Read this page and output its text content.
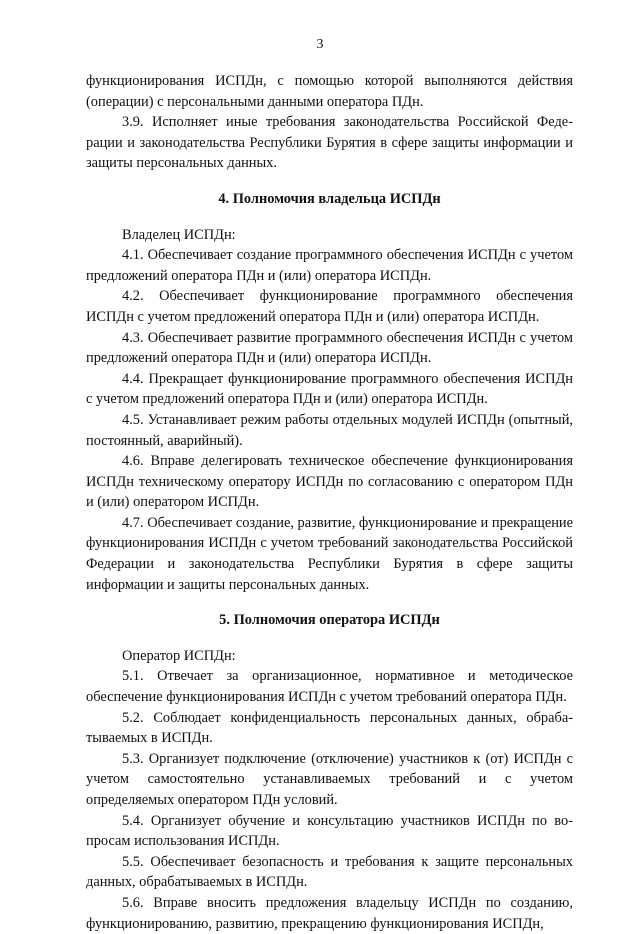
3

функционирования ИСПДн, с помощью которой выполняются действия (операции) с персональными данными оператора ПДн.

3.9. Исполняет иные требования законодательства Российской Федерации и законодательства Республики Бурятия в сфере защиты информации и защиты персональных данных.

4. Полномочия владельца ИСПДн

Владелец ИСПДн:

4.1. Обеспечивает создание программного обеспечения ИСПДн с учетом предложений оператора ПДн и (или) оператора ИСПДн.

4.2. Обеспечивает функционирование программного обеспечения ИСПДн с учетом предложений оператора ПДн и (или) оператора ИСПДн.

4.3. Обеспечивает развитие программного обеспечения ИСПДн с учетом предложений оператора ПДн и (или) оператора ИСПДн.

4.4. Прекращает функционирование программного обеспечения ИСПДн с учетом предложений оператора ПДн и (или) оператора ИСПДн.

4.5. Устанавливает режим работы отдельных модулей ИСПДн (опытный, постоянный, аварийный).

4.6. Вправе делегировать техническое обеспечение функционирования ИСПДн техническому оператору ИСПДн по согласованию с оператором ПДн и (или) оператором ИСПДн.

4.7. Обеспечивает создание, развитие, функционирование и прекращение функционирования ИСПДн с учетом требований законодательства Российской Федерации и законодательства Республики Бурятия в сфере защиты информации и защиты персональных данных.

5. Полномочия оператора ИСПДн

Оператор ИСПДн:

5.1. Отвечает за организационное, нормативное и методическое обеспечение функционирования ИСПДн с учетом требований оператора ПДн.

5.2. Соблюдает конфиденциальность персональных данных, обрабатываемых в ИСПДн.

5.3. Организует подключение (отключение) участников к (от) ИСПДн с учетом самостоятельно устанавливаемых требований и с учетом определяемых оператором ПДн условий.

5.4. Организует обучение и консультацию участников ИСПДн по вопросам использования ИСПДн.

5.5. Обеспечивает безопасность и требования к защите персональных данных, обрабатываемых в ИСПДн.

5.6. Вправе вносить предложения владельцу ИСПДн по созданию, функционированию, развитию, прекращению функционирования ИСПДн,
